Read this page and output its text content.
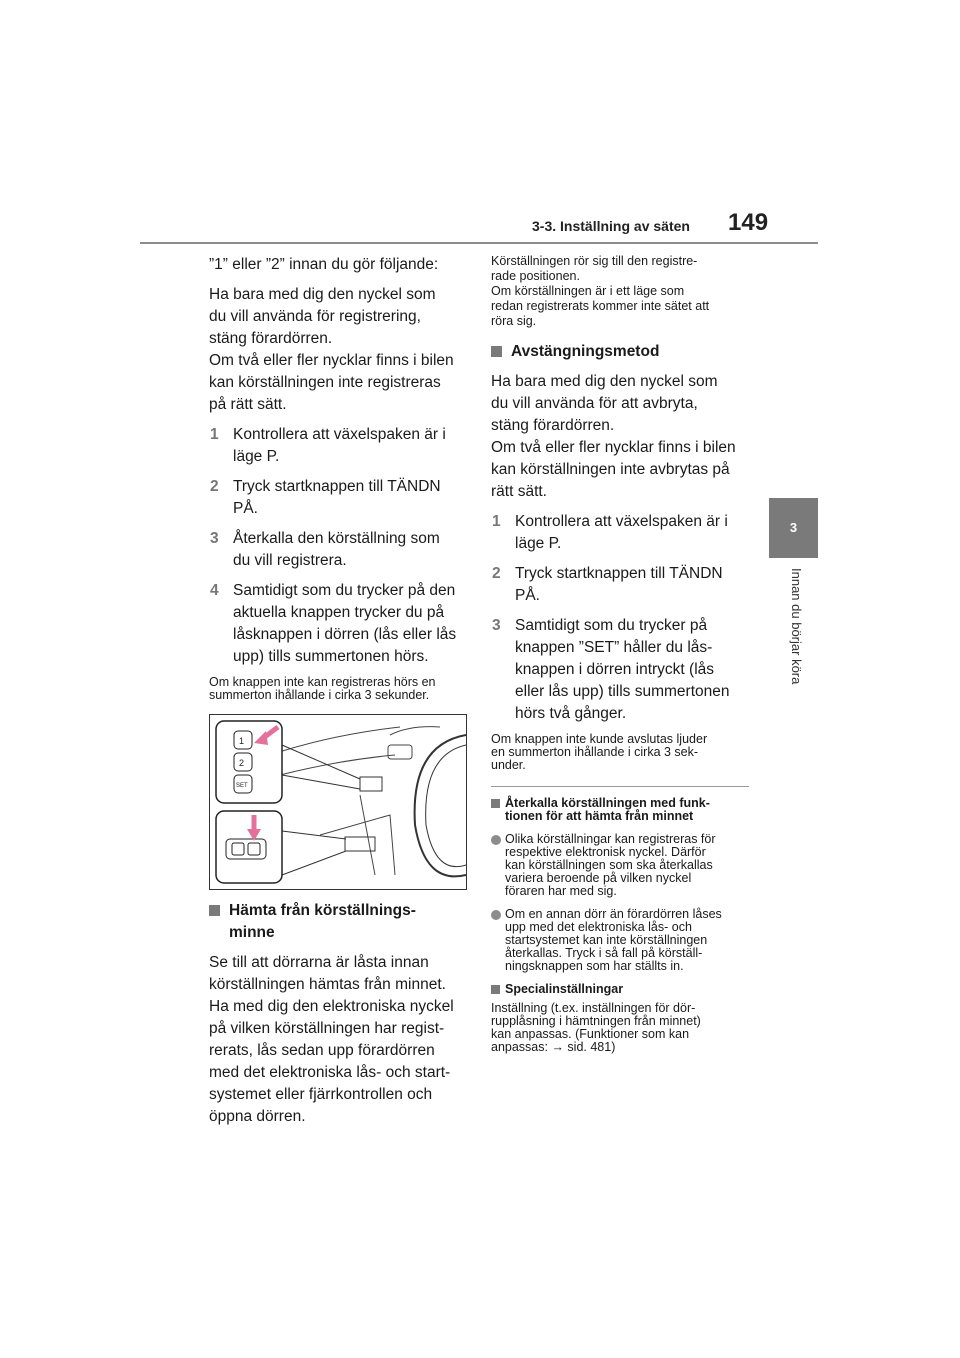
3-3. Inställning av säten 149
3
Innan du börjar köra

”1” eller ”2” innan du gör följande:

Ha bara med dig den nyckel som
du vill använda för registrering,
stäng förardörren.
Om två eller fler nycklar finns i bilen
kan körställningen inte registreras
på rätt sätt.

1 Kontrollera att växelspaken är i
läge P.
2 Tryck startknappen till TÄNDN
PÅ.
3 Återkalla den körställning som
du vill registrera.
4 Samtidigt som du trycker på den
aktuella knappen trycker du på
låsknappen i dörren (lås eller lås
upp) tills summertonen hörs.

Om knappen inte kan registreras hörs en
summerton ihållande i cirka 3 sekunder.

1
2
SET
Hämta från körställnings-
minne

Se till att dörrarna är låsta innan
körställningen hämtas från minnet.
Ha med dig den elektroniska nyckel
på vilken körställningen har regist-
rerats, lås sedan upp förardörren
med det elektroniska lås- och start-
systemet eller fjärrkontrollen och
öppna dörren.

Körställningen rör sig till den registre-
rade positionen.
Om körställningen är i ett läge som
redan registrerats kommer inte sätet att
röra sig.

Avstängningsmetod

Ha bara med dig den nyckel som
du vill använda för att avbryta,
stäng förardörren.
Om två eller fler nycklar finns i bilen
kan körställningen inte avbrytas på
rätt sätt.

1 Kontrollera att växelspaken är i
läge P.
2 Tryck startknappen till TÄNDN
PÅ.
3 Samtidigt som du trycker på
knappen ”SET” håller du lås-
knappen i dörren intryckt (lås
eller lås upp) tills summertonen
hörs två gånger.

Om knappen inte kunde avslutas ljuder
en summerton ihållande i cirka 3 sek-
under.

Återkalla körställningen med funk-
tionen för att hämta från minnet
Olika körställningar kan registreras för
respektive elektronisk nyckel. Därför
kan körställningen som ska återkallas
variera beroende på vilken nyckel
föraren har med sig.
Om en annan dörr än förardörren låses
upp med det elektroniska lås- och
startsystemet kan inte körställningen
återkallas. Tryck i så fall på körställ-
ningsknappen som har ställts in.
Specialinställningar

Inställning (t.ex. inställningen för dör-
rupplåsning i hämtningen från minnet)
kan anpassas. (Funktioner som kan
anpassas: → sid. 481)
